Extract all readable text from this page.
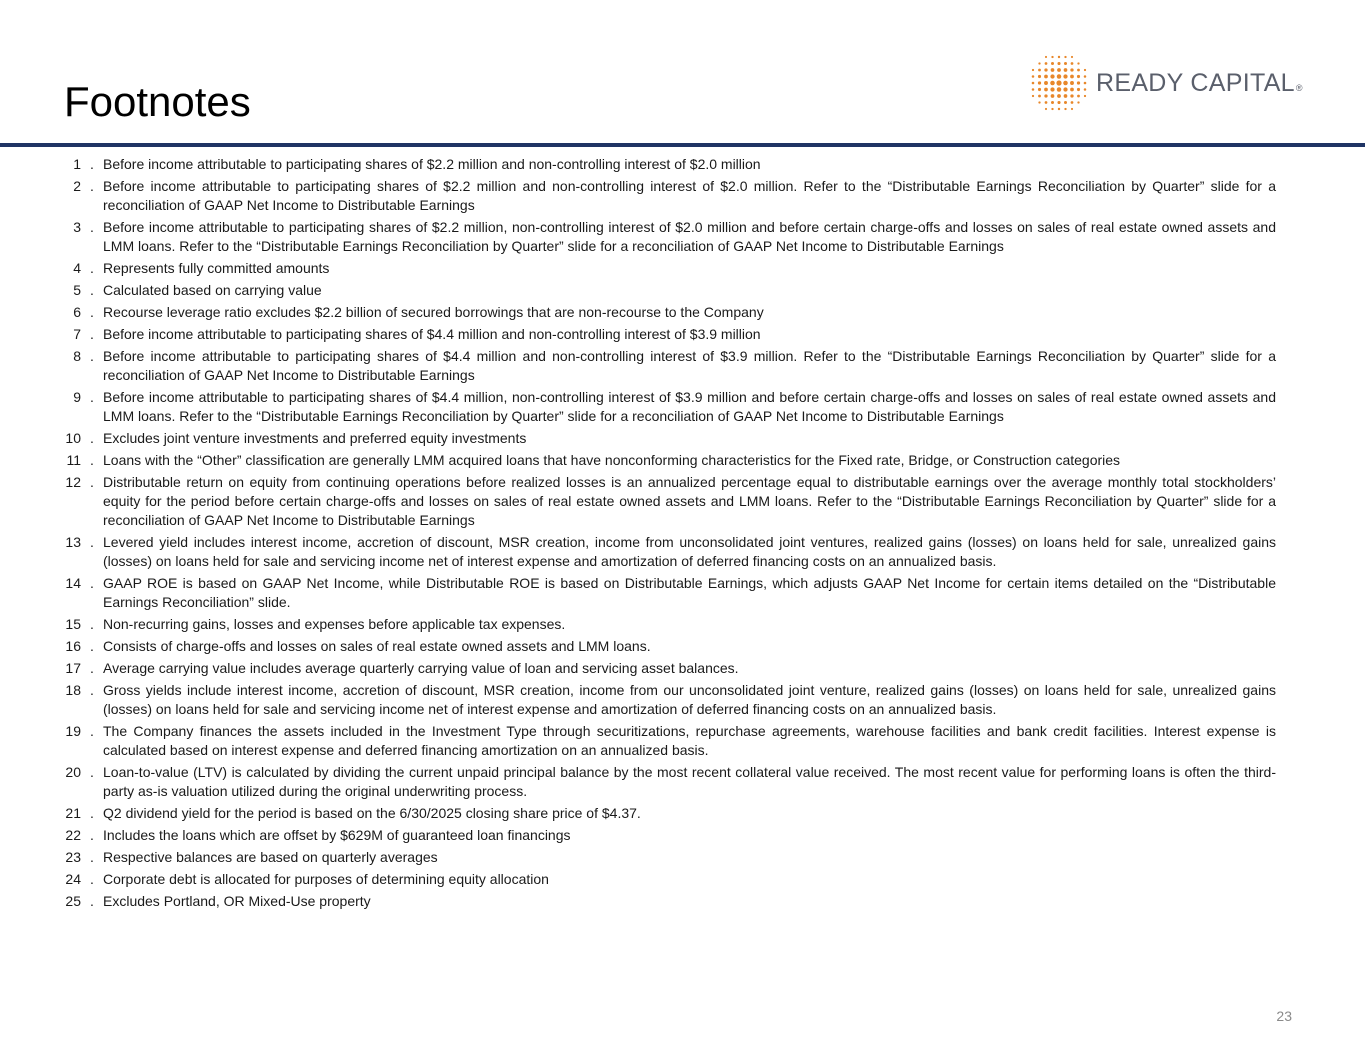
Footnotes	READY CAPITAL®
1 . Before income attributable to participating shares of $2.2 million and non-controlling interest of $2.0 million
2 . Before income attributable to participating shares of $2.2 million and non-controlling interest of $2.0 million. Refer to the “Distributable Earnings Reconciliation by Quarter” slide for a reconciliation of GAAP Net Income to Distributable Earnings
3 . Before income attributable to participating shares of $2.2 million, non-controlling interest of $2.0 million and before certain charge-offs and losses on sales of real estate owned assets and LMM loans. Refer to the “Distributable Earnings Reconciliation by Quarter” slide for a reconciliation of GAAP Net Income to Distributable Earnings
4 . Represents fully committed amounts
5 . Calculated based on carrying value
6 . Recourse leverage ratio excludes $2.2 billion of secured borrowings that are non-recourse to the Company
7 . Before income attributable to participating shares of $4.4 million and non-controlling interest of $3.9 million
8 . Before income attributable to participating shares of $4.4 million and non-controlling interest of $3.9 million. Refer to the “Distributable Earnings Reconciliation by Quarter” slide for a reconciliation of GAAP Net Income to Distributable Earnings
9 . Before income attributable to participating shares of $4.4 million, non-controlling interest of $3.9 million and before certain charge-offs and losses on sales of real estate owned assets and LMM loans. Refer to the “Distributable Earnings Reconciliation by Quarter” slide for a reconciliation of GAAP Net Income to Distributable Earnings
10 . Excludes joint venture investments and preferred equity investments
11 . Loans with the “Other” classification are generally LMM acquired loans that have nonconforming characteristics for the Fixed rate, Bridge, or Construction categories
12 . Distributable return on equity from continuing operations before realized losses is an annualized percentage equal to distributable earnings over the average monthly total stockholders’ equity for the period before certain charge-offs and losses on sales of real estate owned assets and LMM loans. Refer to the “Distributable Earnings Reconciliation by Quarter” slide for a reconciliation of GAAP Net Income to Distributable Earnings
13 . Levered yield includes interest income, accretion of discount, MSR creation, income from unconsolidated joint ventures, realized gains (losses) on loans held for sale, unrealized gains (losses) on loans held for sale and servicing income net of interest expense and amortization of deferred financing costs on an annualized basis.
14 . GAAP ROE is based on GAAP Net Income, while Distributable ROE is based on Distributable Earnings, which adjusts GAAP Net Income for certain items detailed on the “Distributable Earnings Reconciliation” slide.
15 . Non-recurring gains, losses and expenses before applicable tax expenses.
16 . Consists of charge-offs and losses on sales of real estate owned assets and LMM loans.
17 . Average carrying value includes average quarterly carrying value of loan and servicing asset balances.
18 . Gross yields include interest income, accretion of discount, MSR creation, income from our unconsolidated joint venture, realized gains (losses) on loans held for sale, unrealized gains (losses) on loans held for sale and servicing income net of interest expense and amortization of deferred financing costs on an annualized basis.
19 . The Company finances the assets included in the Investment Type through securitizations, repurchase agreements, warehouse facilities and bank credit facilities. Interest expense is calculated based on interest expense and deferred financing amortization on an annualized basis.
20 . Loan-to-value (LTV) is calculated by dividing the current unpaid principal balance by the most recent collateral value received. The most recent value for performing loans is often the third-party as-is valuation utilized during the original underwriting process.
21 . Q2 dividend yield for the period is based on the 6/30/2025 closing share price of $4.37.
22 . Includes the loans which are offset by $629M of guaranteed loan financings
23 . Respective balances are based on quarterly averages
24 . Corporate debt is allocated for purposes of determining equity allocation
25 . Excludes Portland, OR Mixed-Use property
23
